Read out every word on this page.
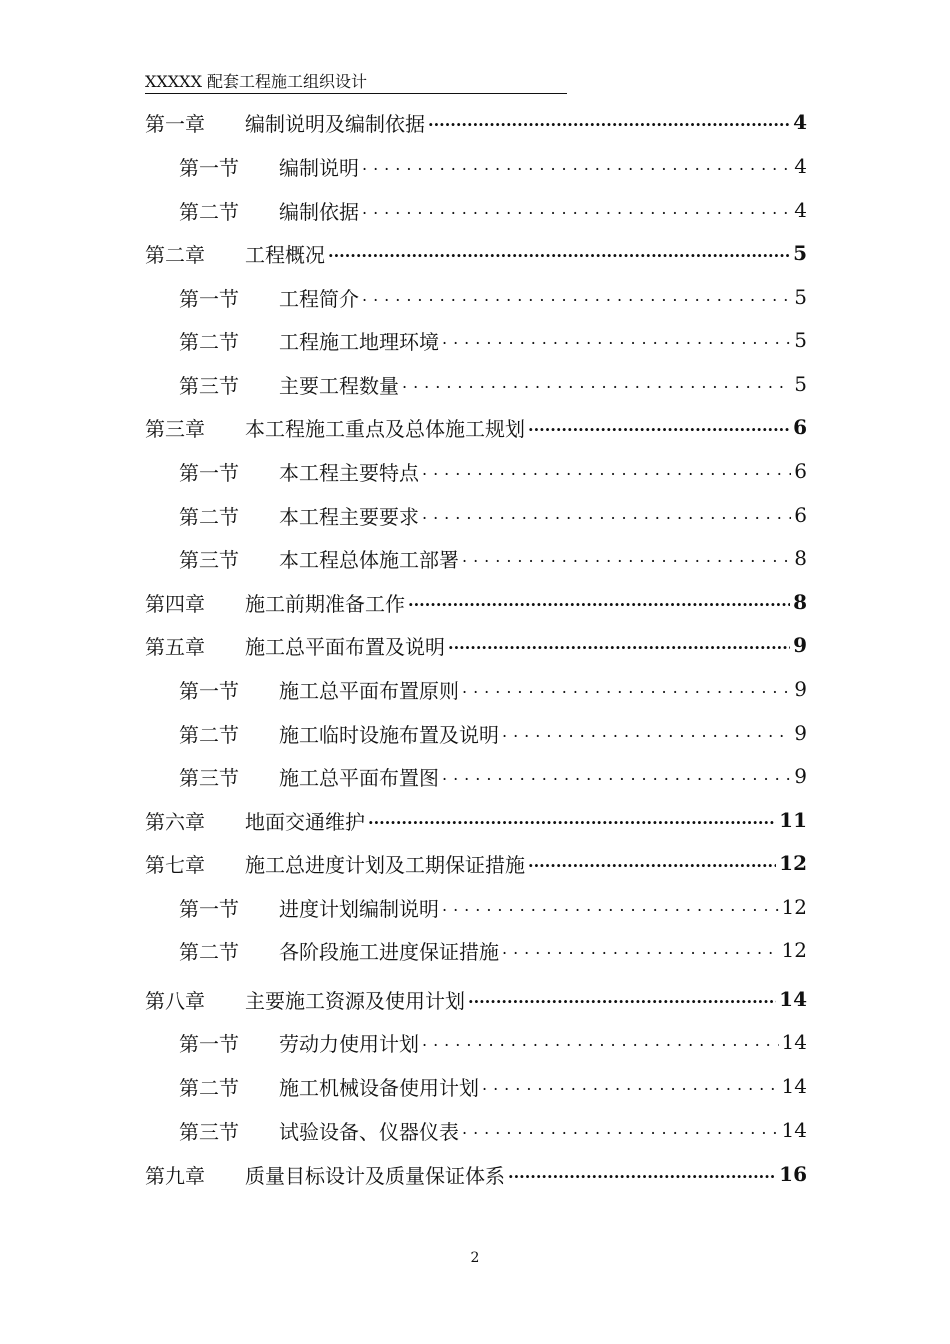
XXXXX 配套工程施工组织设计
第一章	编制说明及编制依据 .....	4
第一节	编制说明 .....	4
第二节	编制依据 .....	4
第二章	工程概况 .....	5
第一节	工程简介 .....	5
第二节	工程施工地理环境 .....	5
第三节	主要工程数量 .....	5
第三章	本工程施工重点及总体施工规划 .....	6
第一节	本工程主要特点 .....	6
第二节	本工程主要要求 .....	6
第三节	本工程总体施工部署 .....	8
第四章	施工前期准备工作 .....	8
第五章	施工总平面布置及说明 .....	9
第一节	施工总平面布置原则 .....	9
第二节	施工临时设施布置及说明 .....	9
第三节	施工总平面布置图 .....	9
第六章	地面交通维护 .....	11
第七章	施工总进度计划及工期保证措施 .....	12
第一节	进度计划编制说明 .....	12
第二节	各阶段施工进度保证措施 .....	12
第八章	主要施工资源及使用计划 .....	14
第一节	劳动力使用计划 .....	14
第二节	施工机械设备使用计划 .....	14
第三节	试验设备、仪器仪表 .....	14
第九章	质量目标设计及质量保证体系 .....	16
2
